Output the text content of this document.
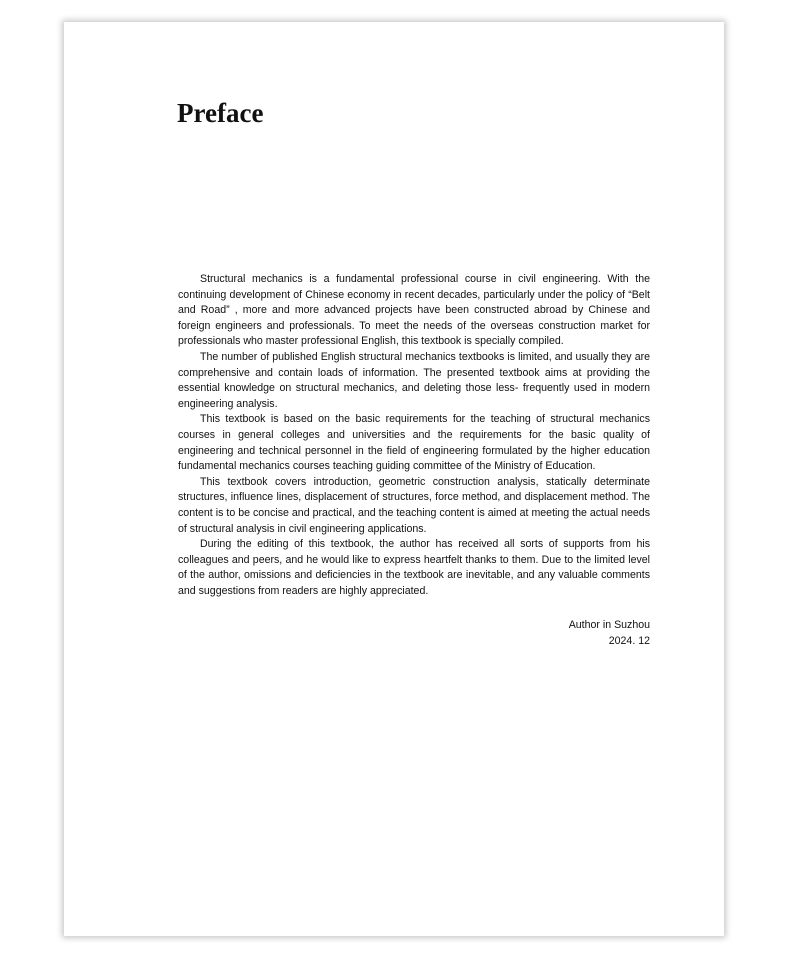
Preface

Structural mechanics is a fundamental professional course in civil engineering. With the continuing development of Chinese economy in recent decades, particularly under the policy of “Belt and Road” , more and more advanced projects have been constructed abroad by Chinese and foreign engineers and professionals. To meet the needs of the overseas construction market for professionals who master professional English, this textbook is specially compiled.

The number of published English structural mechanics textbooks is limited, and usually they are comprehensive and contain loads of information. The presented textbook aims at providing the essential knowledge on structural mechanics, and deleting those less- frequently used in modern engineering analysis.

This textbook is based on the basic requirements for the teaching of structural mechanics courses in general colleges and universities and the requirements for the basic quality of engineering and technical personnel in the field of engineering formulated by the higher education fundamental mechanics courses teaching guiding committee of the Ministry of Education.

This textbook covers introduction, geometric construction analysis, statically determinate structures, influence lines, displacement of structures, force method, and displacement method. The content is to be concise and practical, and the teaching content is aimed at meeting the actual needs of structural analysis in civil engineering applications.

During the editing of this textbook, the author has received all sorts of supports from his colleagues and peers, and he would like to express heartfelt thanks to them. Due to the limited level of the author, omissions and deficiencies in the textbook are inevitable, and any valuable comments and suggestions from readers are highly appreciated.

Author in Suzhou
2024. 12
